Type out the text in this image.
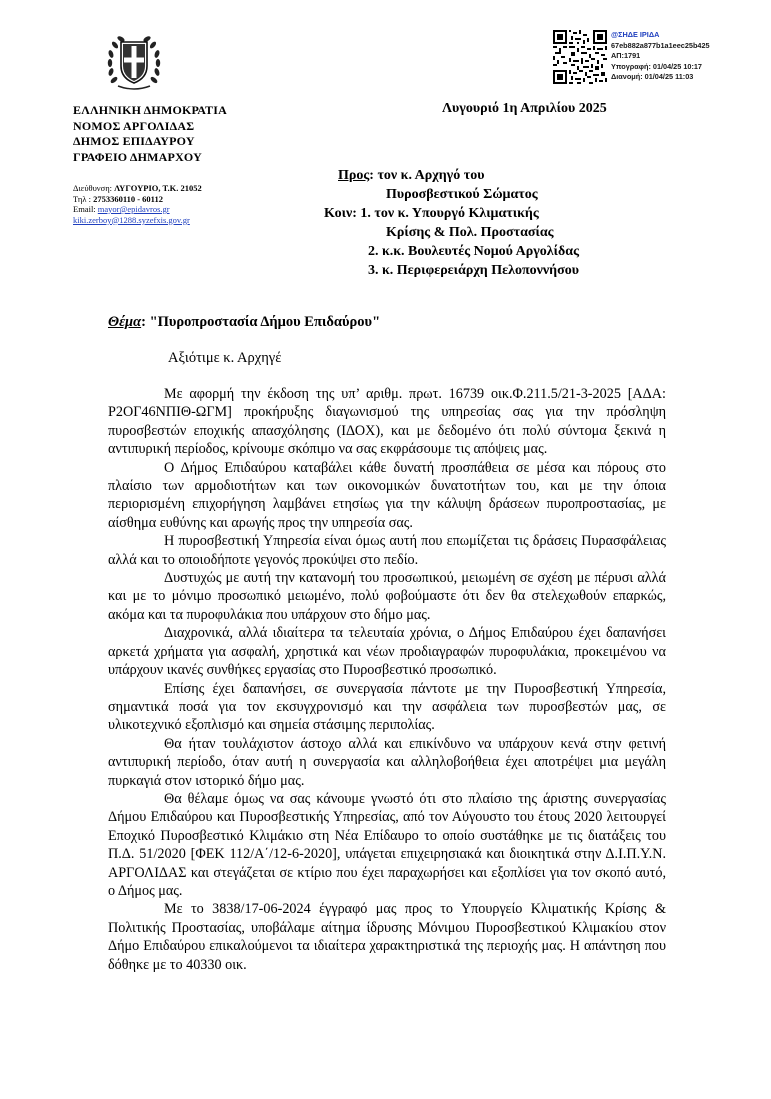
@ΣΗΔΕ ΙΡΙΔΑ
67eb882a877b1a1eec25b425
ΑΠ:1791
Υπογραφή: 01/04/25 10:17
Διανομή: 01/04/25 11:03
ΕΛΛΗΝΙΚΗ ΔΗΜΟΚΡΑΤΙΑ
ΝΟΜΟΣ ΑΡΓΟΛΙΔΑΣ
ΔΗΜΟΣ ΕΠΙΔΑΥΡΟΥ
ΓΡΑΦΕΙΟ ΔΗΜΑΡΧΟΥ
Λυγουριό 1η Απριλίου 2025
Διεύθυνση: ΛΥΓΟΥΡΙΟ, Τ.Κ. 21052
Τηλ : 2753360110 - 60112
Email: mayor@epidavros.gr
kiki.zerboy@1288.syzefxis.gov.gr
Προς: τον κ. Αρχηγό του
Πυροσβεστικού Σώματος
Κοιν: 1. τον κ. Υπουργό Κλιματικής
Κρίσης & Πολ. Προστασίας
2. κ.κ. Βουλευτές Νομού Αργολίδας
3. κ. Περιφερειάρχη Πελοποννήσου
Θέμα: "Πυροπροστασία Δήμου Επιδαύρου"
Αξιότιμε κ. Αρχηγέ

Με αφορμή την έκδοση της υπ’ αριθμ. πρωτ. 16739 οικ.Φ.211.5/21-3-2025 [ΑΔΑ: Ρ2ΟΓ46ΝΠΙΘ-ΩΓΜ] προκήρυξης διαγωνισμού της υπηρεσίας σας για την πρόσληψη πυροσβεστών εποχικής απασχόλησης (ΙΔΟΧ), και με δεδομένο ότι πολύ σύντομα ξεκινά η αντιπυρική περίοδος, κρίνουμε σκόπιμο να σας εκφράσουμε τις απόψεις μας.

Ο Δήμος Επιδαύρου καταβάλει κάθε δυνατή προσπάθεια σε μέσα και πόρους στο πλαίσιο των αρμοδιοτήτων και των οικονομικών δυνατοτήτων του, και με την όποια περιορισμένη επιχορήγηση λαμβάνει ετησίως για την κάλυψη δράσεων πυροπροστασίας, με αίσθημα ευθύνης και αρωγής προς την υπηρεσία σας.

Η πυροσβεστική Υπηρεσία είναι όμως αυτή που επωμίζεται τις δράσεις Πυρασφάλειας αλλά και το οποιοδήποτε γεγονός προκύψει στο πεδίο.

Δυστυχώς με αυτή την κατανομή του προσωπικού, μειωμένη σε σχέση με πέρυσι αλλά και με το μόνιμο προσωπικό μειωμένο, πολύ φοβούμαστε ότι δεν θα στελεχωθούν επαρκώς, ακόμα και τα πυροφυλάκια που υπάρχουν στο δήμο μας.

Διαχρονικά, αλλά ιδιαίτερα τα τελευταία χρόνια, ο Δήμος Επιδαύρου έχει δαπανήσει αρκετά χρήματα για ασφαλή, χρηστικά και νέων προδιαγραφών πυροφυλάκια, προκειμένου να υπάρχουν ικανές συνθήκες εργασίας στο Πυροσβεστικό προσωπικό.

Επίσης έχει δαπανήσει, σε συνεργασία πάντοτε με την Πυροσβεστική Υπηρεσία, σημαντικά ποσά για τον εκσυγχρονισμό και την ασφάλεια των πυροσβεστών μας, σε υλικοτεχνικό εξοπλισμό και σημεία στάσιμης περιπολίας.

Θα ήταν τουλάχιστον άστοχο αλλά και επικίνδυνο να υπάρχουν κενά στην φετινή αντιπυρική περίοδο, όταν αυτή η συνεργασία και αλληλοβοήθεια έχει αποτρέψει μια μεγάλη πυρκαγιά στον ιστορικό δήμο μας.

Θα θέλαμε όμως να σας κάνουμε γνωστό ότι στο πλαίσιο της άριστης συνεργασίας Δήμου Επιδαύρου και Πυροσβεστικής Υπηρεσίας, από τον Αύγουστο του έτους 2020 λειτουργεί Εποχικό Πυροσβεστικό Κλιμάκιο στη Νέα Επίδαυρο το οποίο συστάθηκε με τις διατάξεις του Π.Δ. 51/2020 [ΦΕΚ 112/Α΄/12-6-2020], υπάγεται επιχειρησιακά και διοικητικά στην Δ.Ι.Π.Υ.Ν. ΑΡΓΟΛΙΔΑΣ και στεγάζεται σε κτίριο που έχει παραχωρήσει και εξοπλίσει για τον σκοπό αυτό, ο Δήμος μας.

Με το 3838/17-06-2024 έγγραφό μας προς το Υπουργείο Κλιματικής Κρίσης & Πολιτικής Προστασίας, υποβάλαμε αίτημα ίδρυσης Μόνιμου Πυροσβεστικού Κλιμακίου στον Δήμο Επιδαύρου επικαλούμενοι τα ιδιαίτερα χαρακτηριστικά της περιοχής μας. Η απάντηση που δόθηκε με το 40330 οικ.
